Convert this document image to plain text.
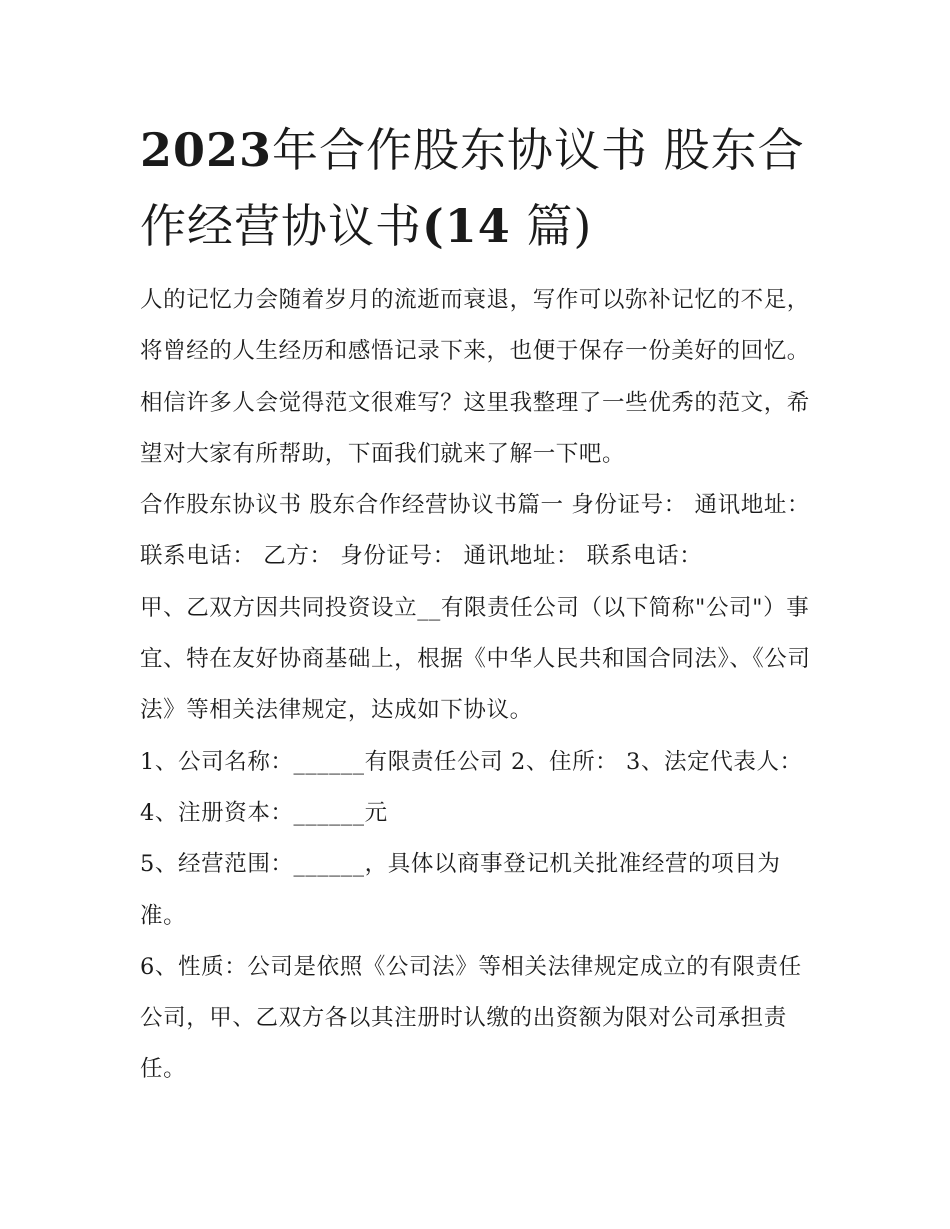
2023年合作股东协议书 股东合作经营协议书(14 篇)

人的记忆力会随着岁月的流逝而衰退，写作可以弥补记忆的不足，将曾经的人生经历和感悟记录下来，也便于保存一份美好的回忆。相信许多人会觉得范文很难写？这里我整理了一些优秀的范文，希望对大家有所帮助，下面我们就来了解一下吧。

合作股东协议书 股东合作经营协议书篇一 身份证号： 通讯地址： 联系电话： 乙方： 身份证号： 通讯地址： 联系电话：

甲、乙双方因共同投资设立__有限责任公司（以下简称"公司"）事宜、特在友好协商基础上，根据《中华人民共和国合同法》、《公司法》等相关法律规定，达成如下协议。

1、公司名称：______有限责任公司 2、住所： 3、法定代表人： 4、注册资本：______元

5、经营范围：______，具体以商事登记机关批准经营的项目为准。

6、性质：公司是依照《公司法》等相关法律规定成立的有限责任公司，甲、乙双方各以其注册时认缴的出资额为限对公司承担责任。
